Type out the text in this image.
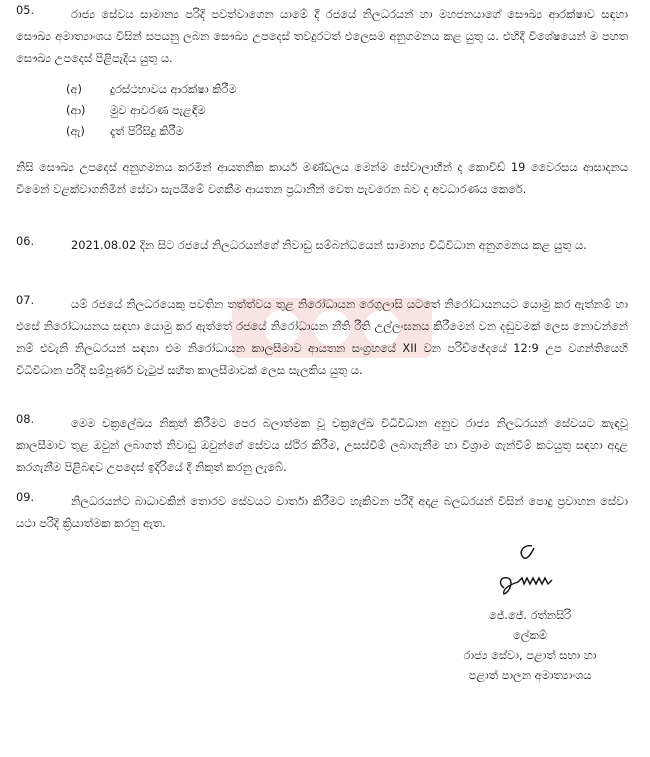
05.	රාජ්‍ය සේවය සාමාන්‍ය පරිදි පවත්වාගෙන යාමේ දී රජයේ නිලධරයන් හා මහජනයාගේ සෞඛ්‍ය ආරක්ෂාව සඳහා සෞඛ්‍ය අමාත්‍යාංශය විසින් සපයනු ලබන සෞඛ්‍ය උපදෙස් තවදුරටත් එලෙසම අනුගමනය කළ යුතු ය. එහිදී විශේෂයෙන් ම පහත සෞඛ්‍ය උපදෙස් පිළිපැදිය යුතු ය.

(අ)	දුරස්ථභාවය ආරක්ෂා කිරීම
(ආ)	මුව ආවරණ පැළඳීම
(ඇ)	දෑත් පිරිසිදු කිරීම

නිසි සෞඛ්‍ය උපදෙස් අනුගමනය කරමින් ආයතනික කාර්ය මණ්ඩලය මෙන්ම සේවාලාභීන් ද කොවිඩ් 19 වෛරසය ආසාදනය වීමෙන් වළක්වාගනිමින් සේවා සැපයීමේ වගකීම ආයතන ප්‍රධානීන් වෙත පැවරෙන බව ද අවධාරණය කෙරේ.

06.	2021.08.02 දින සිට රජයේ නිලධරයන්ගේ නිවාඩු සම්බන්ධයෙන් සාමාන්‍ය විධිවිධාන අනුගමනය කළ යුතු ය.

07.	යම් රජයේ නිලධරයෙකු පවතින තත්ත්වය තුළ නිරෝධායන රෙගුලාසි යටතේ නිරෝධායනයට යොමු කර ඇත්නම් හා එසේ නිරෝධායනය සඳහා යොමු කර ඇත්තේ රජයේ නිරෝධායන නීති රීති උල්ලංඝනය කිරීමෙන් වන දඬුවමක් ලෙස නොවන්නේ නම් එවැනි නිලධරයන් සඳහා එම නිරෝධායන කාලසීමාව ආයතන සංග්‍රහයේ XII වන පරිච්ඡේදයේ 12:9 උප වගන්තියෙහි විධිවිධාන පරිදි සම්පූර්ණ වැටුප් සහිත කාලසීමාවක් ලෙස සැලකිය යුතු ය.

08.	මෙම චක්‍රලේඛය නිකුත් කිරීමට පෙර බලාත්මක වූ චක්‍රලේඛ විධිවිධාන අනුව රාජ්‍ය නිලධරයන් සේවයට කැඳවූ කාලසීමාව තුළ ඔවුන් ලබාගත් නිවාඩු ඔවුන්ගේ සේවය ස්ථිර කිරීම, උසස්වීම් ලබාගැනීම හා විශ්‍රාම ගැන්වීම් කටයුතු සඳහා අදාළ කරගැනීම පිළිබඳව උපදෙස් ඉදිරියේ දී නිකුත් කරනු ලැබේ.

09.	නිලධරයන්ට බාධාවකින් තොරව සේවයට වාර්තා කිරීමට හැකිවන පරිදි අදාළ බලධරයන් විසින් පොදු ප්‍රවාහන සේවා යථා පරිදි ක්‍රියාත්මක කරනු ඇත.

ජේ.ජේ. රත්නසිරි
ලේකම්
රාජ්‍ය සේවා, පළාත් සභා හා
පළාත් පාලන අමාත්‍යාංශය
